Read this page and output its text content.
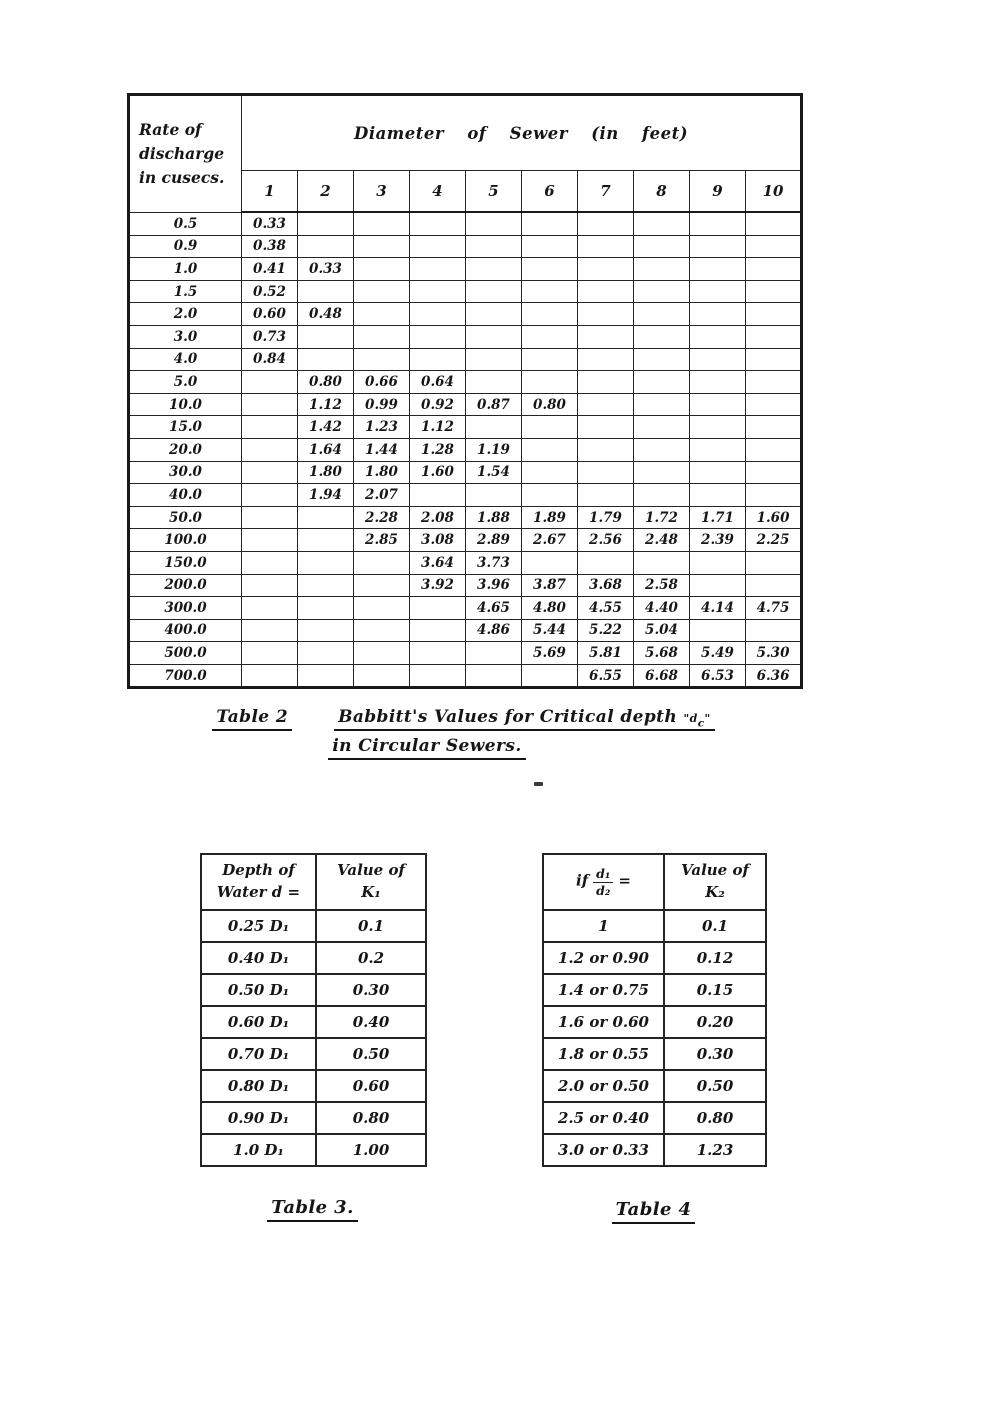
Rate of
discharge
in cusecs.	Diameter of Sewer (in feet)									
	1	2	3	4	5	6	7	8	9	10
0.5	0.33									
0.9	0.38									
1.0	0.41	0.33								
1.5	0.52									
2.0	0.60	0.48								
3.0	0.73									
4.0	0.84									
5.0		0.80	0.66	0.64						
10.0		1.12	0.99	0.92	0.87	0.80				
15.0		1.42	1.23	1.12						
20.0		1.64	1.44	1.28	1.19					
30.0		1.80	1.80	1.60	1.54					
40.0		1.94	2.07							
50.0			2.28	2.08	1.88	1.89	1.79	1.72	1.71	1.60
100.0			2.85	3.08	2.89	2.67	2.56	2.48	2.39	2.25
150.0				3.64	3.73					
200.0				3.92	3.96	3.87	3.68	2.58		
300.0					4.65	4.80	4.55	4.40	4.14	4.75
400.0					4.86	5.44	5.22	5.04		
500.0						5.69	5.81	5.68	5.49	5.30
700.0							6.55	6.68	6.53	6.36
Table 2	Babbitt's Values for Critical depth "$d_c$"
in Circular Sewers.
Depth of
Water d =

Value of
K₁

0.25 D₁	0.1
0.40 D₁	0.2
0.50 D₁	0.30
0.60 D₁	0.40
0.70 D₁	0.50
0.80 D₁	0.60
0.90 D₁	0.80
1.0 D₁	1.00
Table 3.
if $\frac{\text{d₁}}{\text{d₂}}$ =	
Value of
K₂

1	0.1
1.2 or 0.90	0.12
1.4 or 0.75	0.15
1.6 or 0.60	0.20
1.8 or 0.55	0.30
2.0 or 0.50	0.50
2.5 or 0.40	0.80
3.0 or 0.33	1.23
Table 4
